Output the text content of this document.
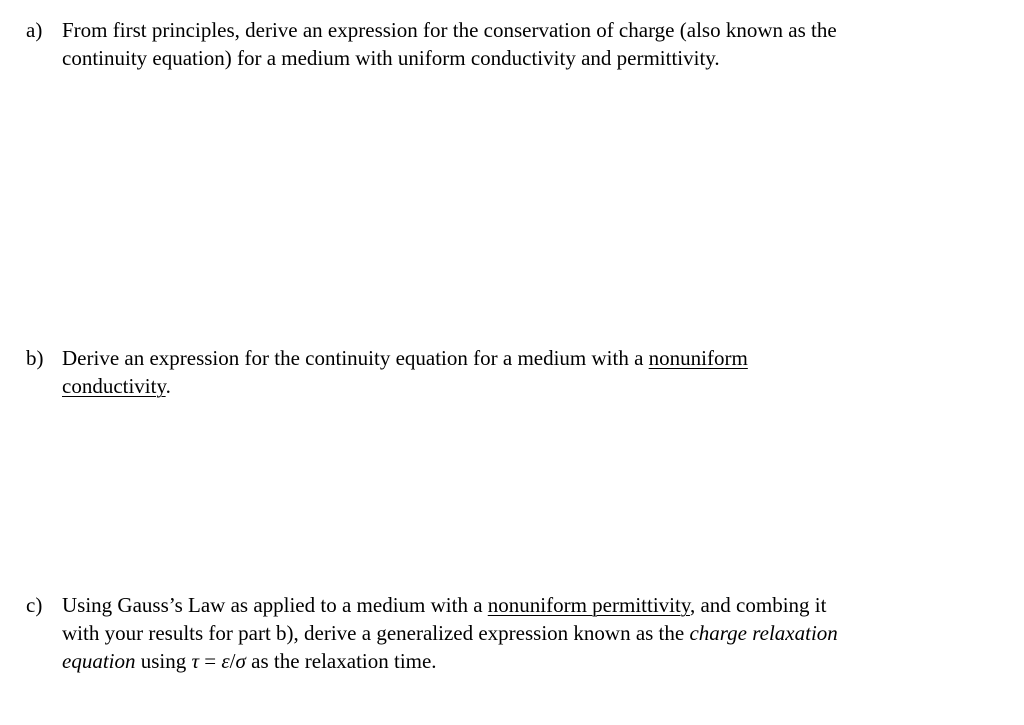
a) From first principles, derive an expression for the conservation of charge (also known as the
continuity equation) for a medium with uniform conductivity and permittivity.
b) Derive an expression for the continuity equation for a medium with a nonuniform
conductivity.
c) Using Gauss’s Law as applied to a medium with a nonuniform permittivity, and combing it
with your results for part b), derive a generalized expression known as the charge relaxation
equation using τ = ε/σ as the relaxation time.
